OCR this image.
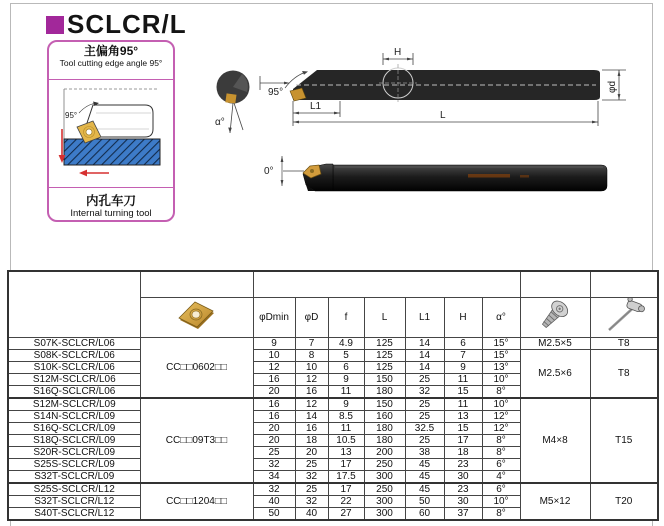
SCLCR/L
主偏角95°
Tool cutting edge angle 95°
95°
内孔车刀
Internal turning tool
α°
H
95°
L1
L
φd
0°
型号
Type
	刀片 Blade	规格 Specification	
螺丝
Screw

扳手
Wrench

	φDmin	φD	f	L	L1	H	α°		
S07K-SCLCR/L06	CC□□0602□□	9	7	4.9	125	14	6	15°	M2.5×5	T8
S08K-SCLCR/L06		10	8	5	125	14	7	15°	M2.5×6	T8
S10K-SCLCR/L06		12	10	6	125	14	9	13°		
S12M-SCLCR/L06		16	12	9	150	25	11	10°		
S16Q-SCLCR/L06		20	16	11	180	32	15	8°		
S12M-SCLCR/L09	CC□□09T3□□	16	12	9	150	25	11	10°	M4×8	T15
S14N-SCLCR/L09		16	14	8.5	160	25	13	12°		
S16Q-SCLCR/L09		20	16	11	180	32.5	15	12°		
S18Q-SCLCR/L09		20	18	10.5	180	25	17	8°		
S20R-SCLCR/L09		25	20	13	200	38	18	8°		
S25S-SCLCR/L09		32	25	17	250	45	23	6°		
S32T-SCLCR/L09		34	32	17.5	300	45	30	4°		
S25S-SCLCR/L12	CC□□1204□□	32	25	17	250	45	23	6°	M5×12	T20
S32T-SCLCR/L12		40	32	22	300	50	30	10°		
S40T-SCLCR/L12		50	40	27	300	60	37	8°		
